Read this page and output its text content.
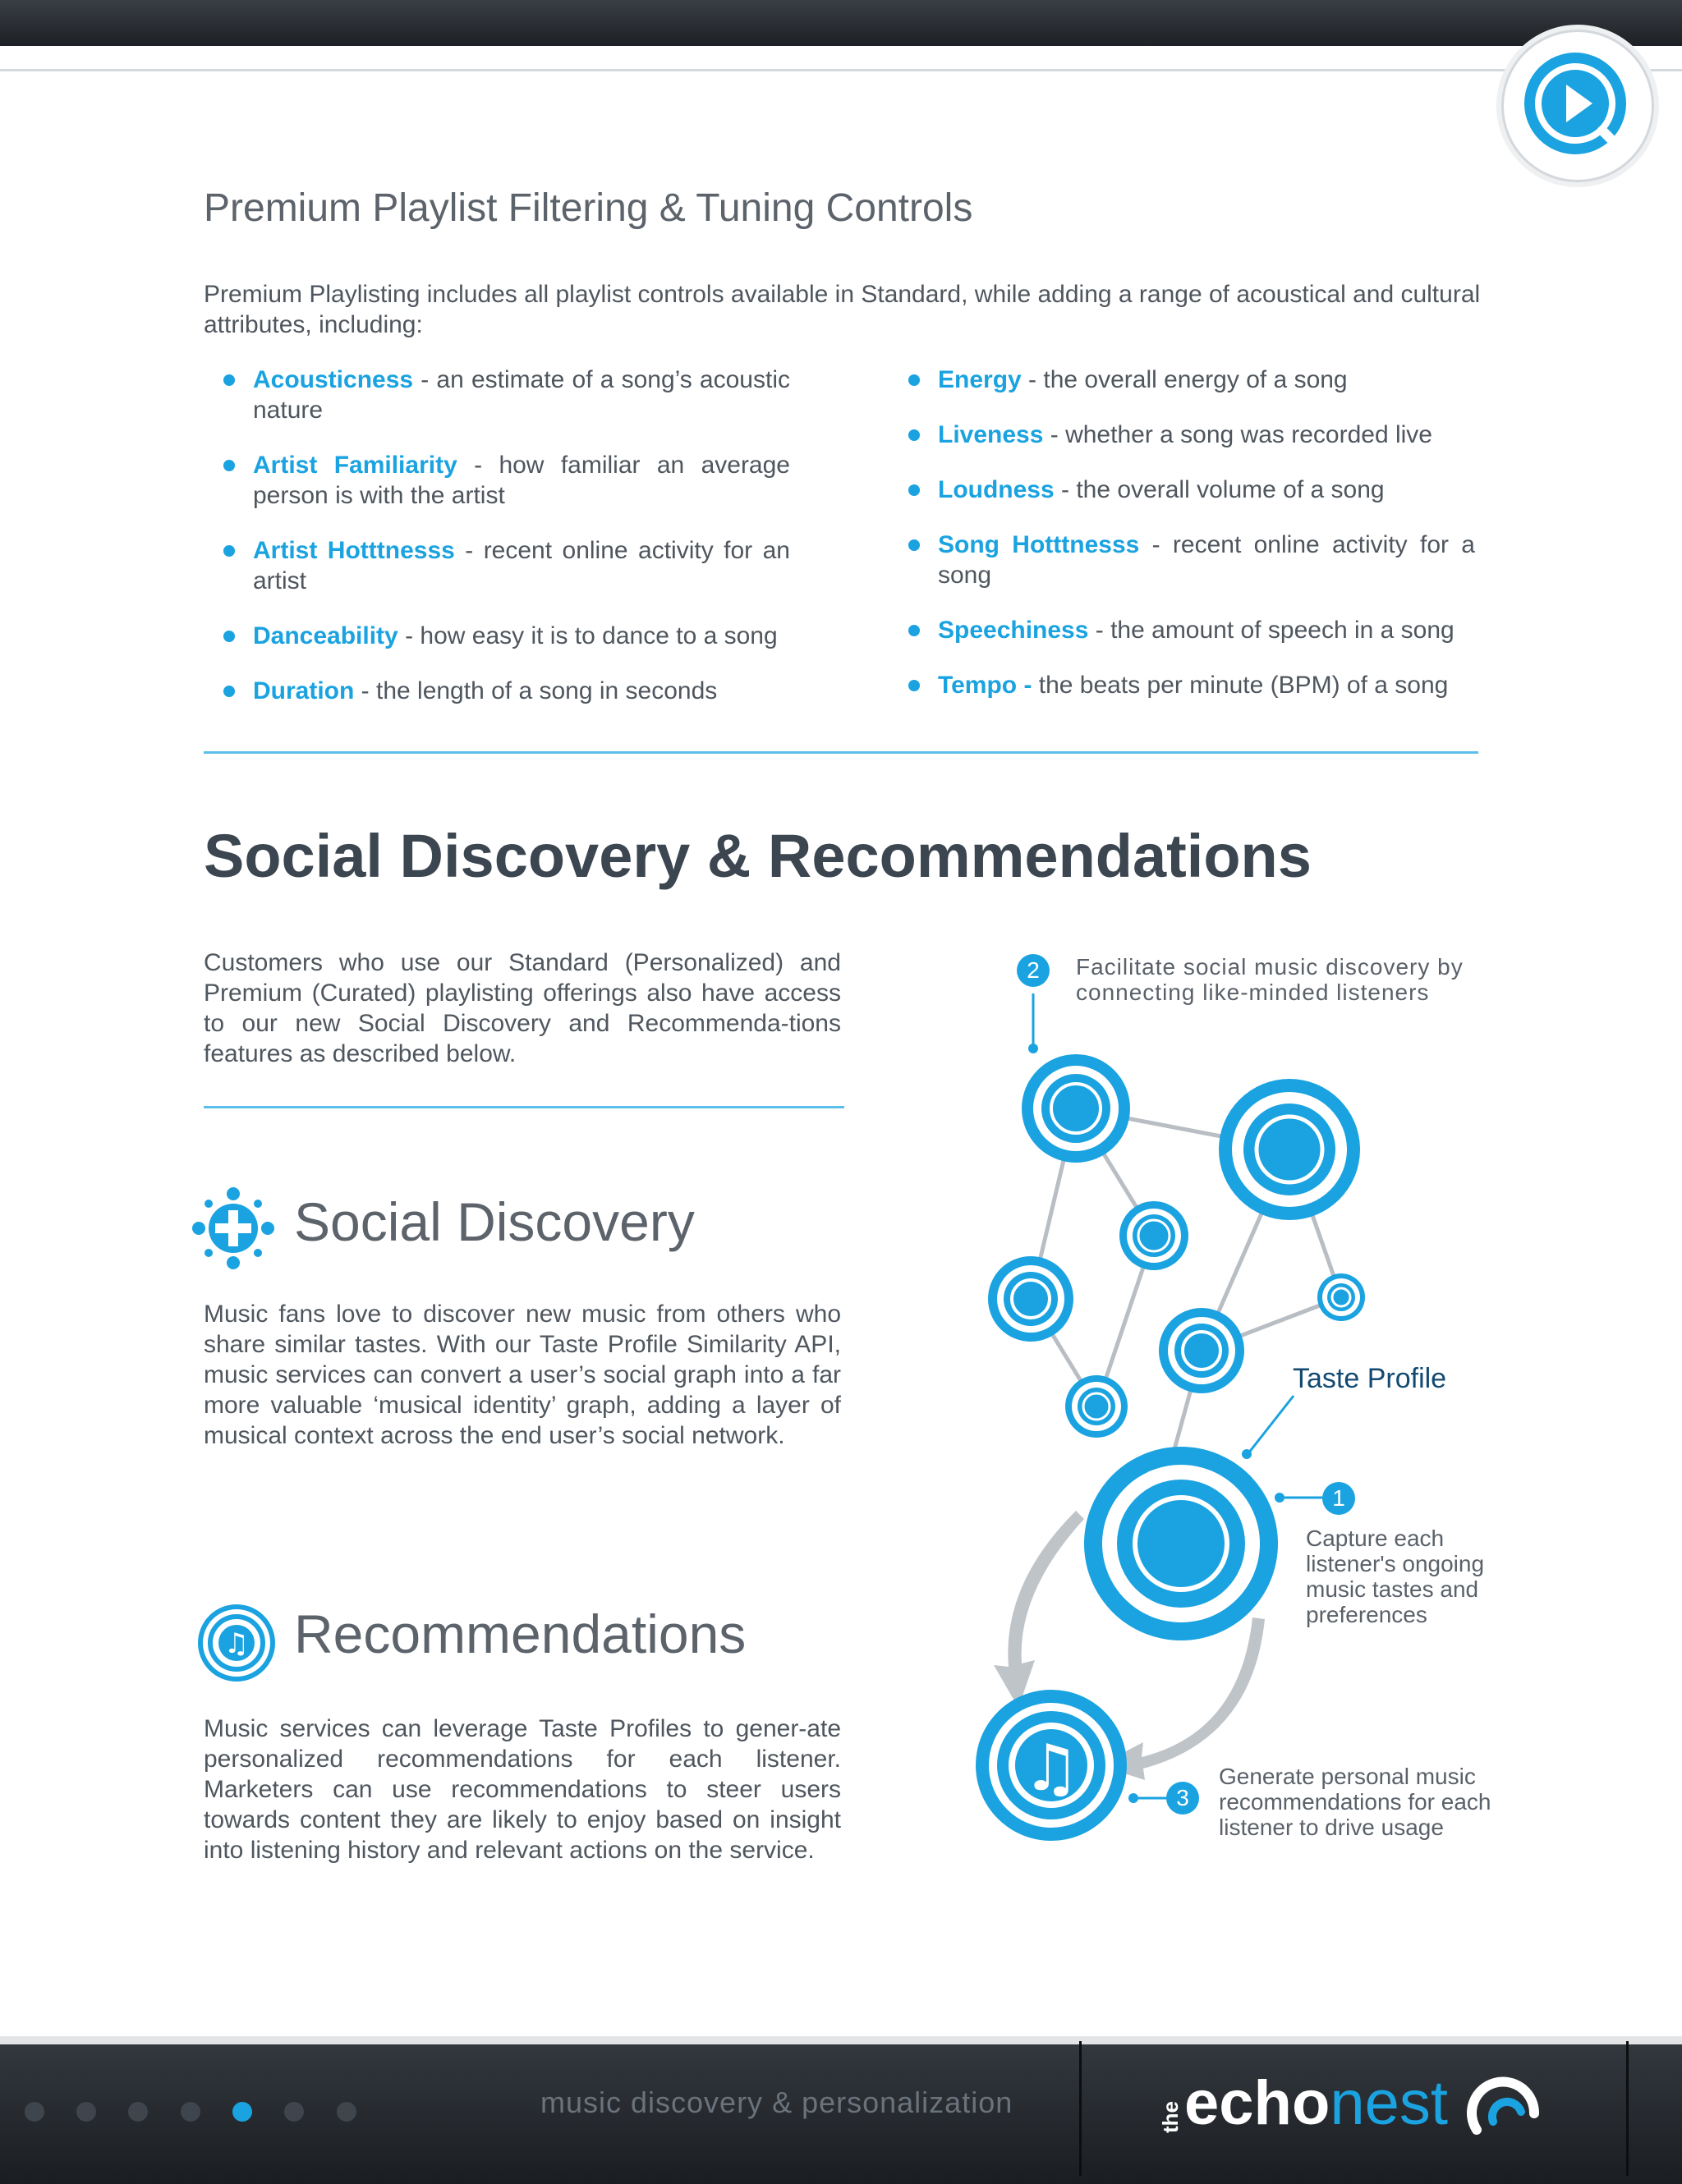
Premium Playlist Filtering & Tuning Controls

Premium Playlisting includes all playlist controls available in Standard, while adding a range of acoustical and cultural attributes, including:

Acousticness - an estimate of a song’s acoustic nature
Artist Familiarity - how familiar an average person is with the artist
Artist Hotttnesss - recent online activity for an artist
Danceability - how easy it is to dance to a song
Duration - the length of a song in seconds
Energy - the overall energy of a song
Liveness - whether a song was recorded live
Loudness - the overall volume of a song
Song Hotttnesss - recent online activity for a song
Speechiness - the amount of speech in a song
Tempo - the beats per minute (BPM) of a song
Social Discovery & Recommendations

Customers who use our Standard (Personalized) and Premium (Curated) playlisting offerings also have access to our new Social Discovery and Recommenda-tions features as described below.

Social Discovery

Music fans love to discover new music from others who share similar tastes. With our Taste Profile Similarity API, music services can convert a user’s social graph into a far more valuable ‘musical identity’ graph, adding a layer of musical context across the end user’s social network.

♫ Recommendations

Music services can leverage Taste Profiles to gener-ate personalized recommendations for each listener. Marketers can use recommendations to steer users towards content they are likely to enjoy based on insight into listening history and relevant actions on the service.

♫
2
1
3
Facilitate social music discovery by connecting like-minded listeners
Taste Profile
Capture each listener's ongoing music tastes and preferences
Generate personal music recommendations for each listener to drive usage
music discovery & personalization	the echonest
